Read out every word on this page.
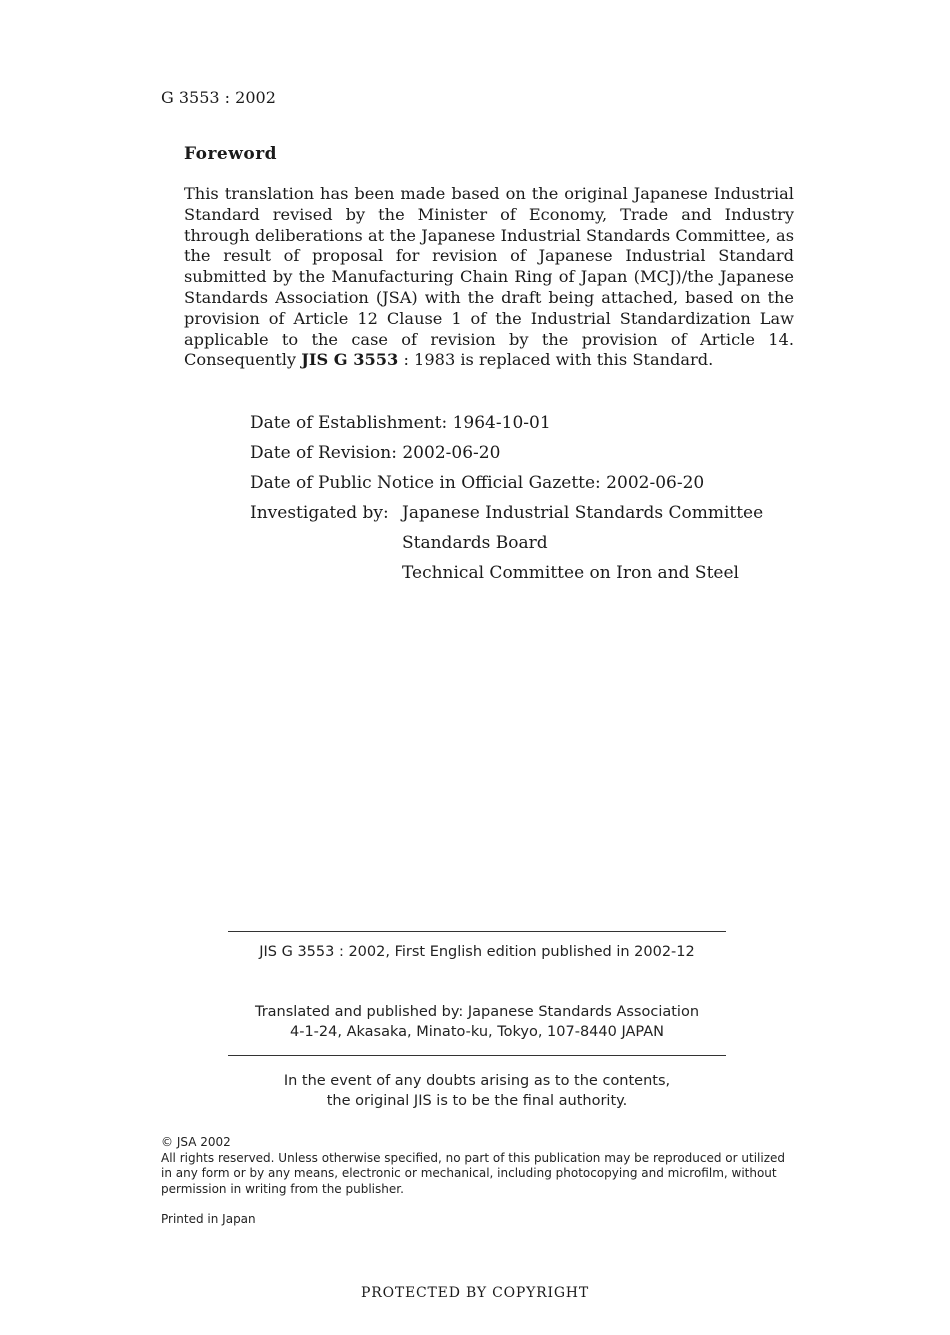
G 3553 : 2002
Foreword

This translation has been made based on the original Japanese Industrial Standard revised by the Minister of Economy, Trade and Industry through deliberations at the Japanese Industrial Standards Committee, as the result of proposal for revision of Japanese Industrial Standard submitted by the Manufacturing Chain Ring of Japan (MCJ)/the Japanese Standards Association (JSA) with the draft being attached, based on the provision of Article 12 Clause 1 of the Industrial Standardization Law applicable to the case of revision by the provision of Article 14. Consequently JIS G 3553 : 1983 is replaced with this Standard.

Date of Establishment: 1964-10-01
Date of Revision: 2002-06-20
Date of Public Notice in Official Gazette: 2002-06-20
Investigated by: Japanese Industrial Standards Committee
Standards Board
Technical Committee on Iron and Steel
JIS G 3553 : 2002, First English edition published in 2002-12
Translated and published by: Japanese Standards Association
4-1-24, Akasaka, Minato-ku, Tokyo, 107-8440 JAPAN
In the event of any doubts arising as to the contents,
the original JIS is to be the final authority.

© JSA 2002

All rights reserved. Unless otherwise specified, no part of this publication may be reproduced or utilized in any form or by any means, electronic or mechanical, including photocopying and microfilm, without permission in writing from the publisher.

Printed in Japan
PROTECTED BY COPYRIGHT
